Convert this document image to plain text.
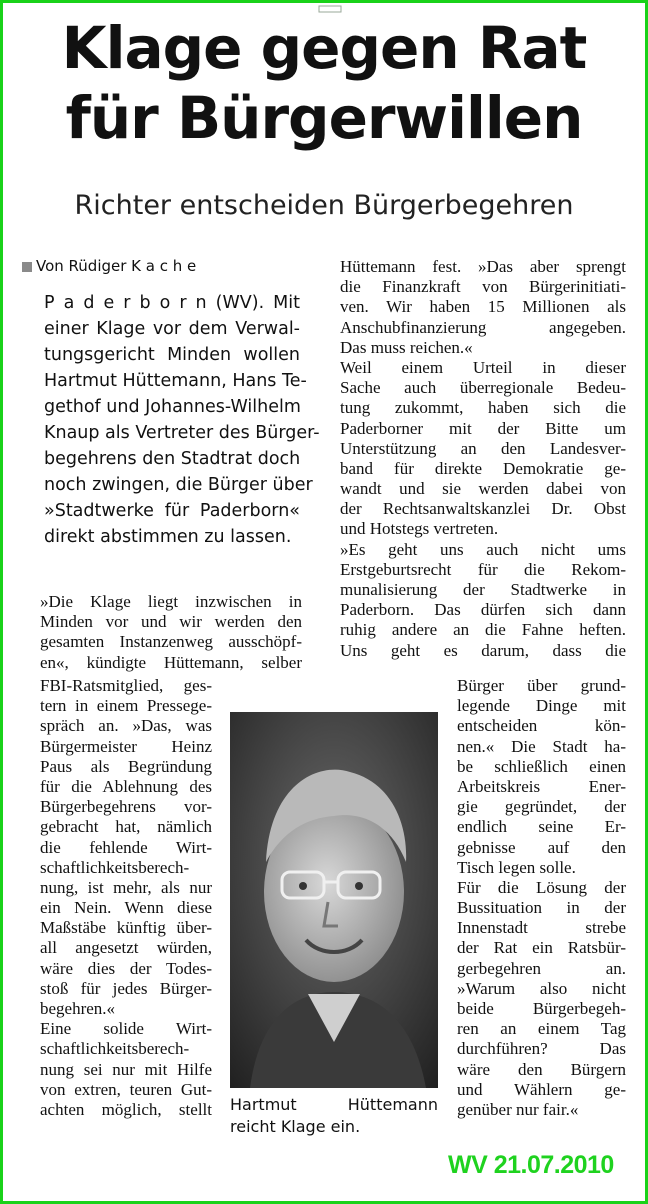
Klage gegen Rat
für Bürgerwillen
Richter entscheiden Bürgerbegehren
Von Rüdiger K a c h e
P a d e r b o r n (WV). Mit
einer Klage vor dem Verwal-
tungsgericht Minden wollen
Hartmut Hüttemann, Hans Te-
gethof und Johannes-Wilhelm
Knaup als Vertreter des Bürger-
begehrens den Stadtrat doch
noch zwingen, die Bürger über
»Stadtwerke für Paderborn«
direkt abstimmen zu lassen.
»Die Klage liegt inzwischen in
Minden vor und wir werden den
gesamten Instanzenweg ausschöpf-
en«, kündigte Hüttemann, selber
FBI-Ratsmitglied, ges-
tern in einem Pressege-
spräch an. »Das, was
Bürgermeister Heinz
Paus als Begründung
für die Ablehnung des
Bürgerbegehrens vor-
gebracht hat, nämlich
die fehlende Wirt-
schaftlichkeitsberech-
nung, ist mehr, als nur
ein Nein. Wenn diese
Maßstäbe künftig über-
all angesetzt würden,
wäre dies der Todes-
stoß für jedes Bürger-
begehren.«
Eine solide Wirt-
schaftlichkeitsberech-
nung sei nur mit Hilfe
von extren, teuren Gut-
achten möglich, stellt
Hüttemann fest. »Das aber sprengt
die Finanzkraft von Bürgerinitiati-
ven. Wir haben 15 Millionen als
Anschubfinanzierung angegeben.
Das muss reichen.«
Weil einem Urteil in dieser
Sache auch überregionale Bedeu-
tung zukommt, haben sich die
Paderborner mit der Bitte um
Unterstützung an den Landesver-
band für direkte Demokratie ge-
wandt und sie werden dabei von
der Rechtsanwaltskanzlei Dr. Obst
und Hotstegs vertreten.
»Es geht uns auch nicht ums
Erstgeburtsrecht für die Rekom-
munalisierung der Stadtwerke in
Paderborn. Das dürfen sich dann
ruhig andere an die Fahne heften.
Uns geht es darum, dass die
Bürger über grund-
legende Dinge mit
entscheiden kön-
nen.« Die Stadt ha-
be schließlich einen
Arbeitskreis Ener-
gie gegründet, der
endlich seine Er-
gebnisse auf den
Tisch legen solle.
Für die Lösung der
Bussituation in der
Innenstadt strebe
der Rat ein Ratsbür-
gerbegehren an.
»Warum also nicht
beide Bürgerbegeh-
ren an einem Tag
durchführen? Das
wäre den Bürgern
und Wählern ge-
genüber nur fair.«
Hartmut Hüttemann
reicht Klage ein.
WV 21.07.2010
